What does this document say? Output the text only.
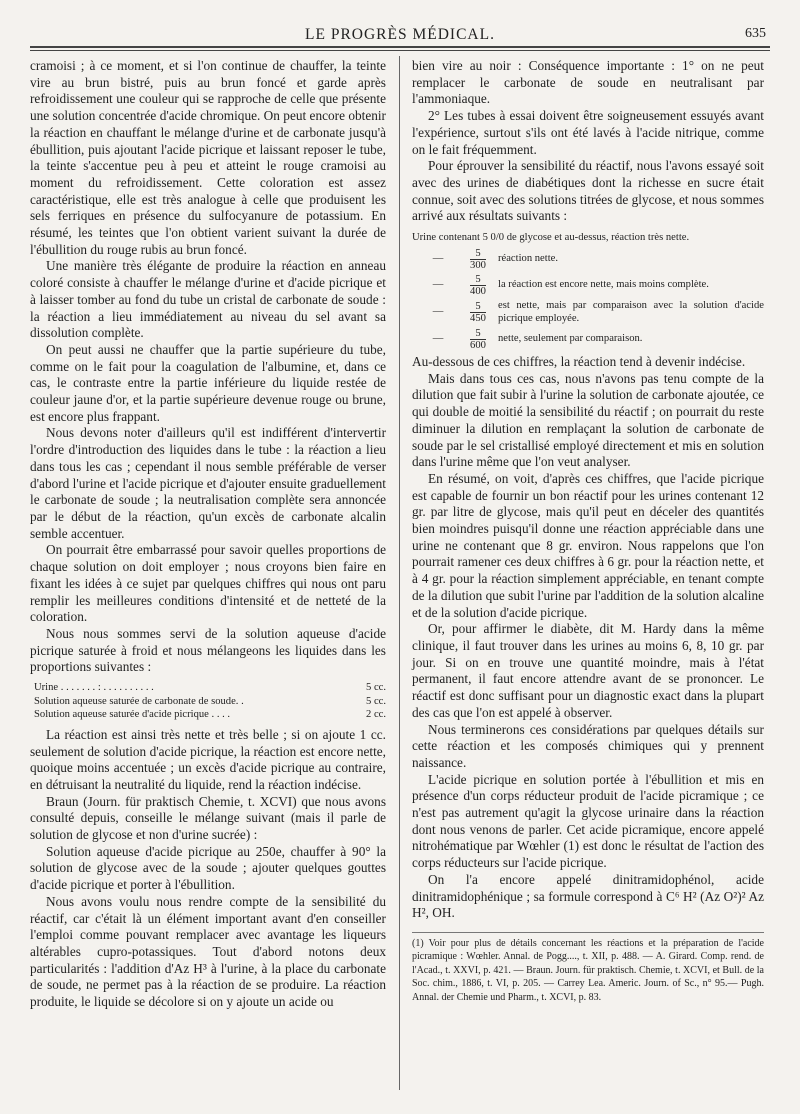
LE PROGRÈS MÉDICAL.	635

cramoisi ; à ce moment, et si l'on continue de chauffer, la teinte vire au brun bistré, puis au brun foncé et garde après refroidissement une couleur qui se rapproche de celle que présente une solution concentrée d'acide chromique. On peut encore obtenir la réaction en chauffant le mélange d'urine et de carbonate jusqu'à ébullition, puis ajoutant l'acide picrique et laissant reposer le tube, la teinte s'accentue peu à peu et atteint le rouge cramoisi au moment du refroidissement. Cette coloration est assez caractéristique, elle est très analogue à celle que produisent les sels ferriques en présence du sulfocyanure de potassium. En résumé, les teintes que l'on obtient varient suivant la durée de l'ébullition du rouge rubis au brun foncé.

Une manière très élégante de produire la réaction en anneau coloré consiste à chauffer le mélange d'urine et d'acide picrique et à laisser tomber au fond du tube un cristal de carbonate de soude : la réaction a lieu immédiatement au niveau du sel avant sa dissolution complète.

On peut aussi ne chauffer que la partie supérieure du tube, comme on le fait pour la coagulation de l'albumine, et, dans ce cas, le contraste entre la partie inférieure du liquide restée de couleur jaune d'or, et la partie supérieure devenue rouge ou brune, est encore plus frappant.

Nous devons noter d'ailleurs qu'il est indifférent d'intervertir l'ordre d'introduction des liquides dans le tube : la réaction a lieu dans tous les cas ; cependant il nous semble préférable de verser d'abord l'urine et l'acide picrique et d'ajouter ensuite graduellement le carbonate de soude ; la neutralisation complète sera annoncée par le début de la réaction, qu'un excès de carbonate alcalin semble accentuer.

On pourrait être embarrassé pour savoir quelles proportions de chaque solution on doit employer ; nous croyons bien faire en fixant les idées à ce sujet par quelques chiffres qui nous ont paru remplir les meilleures conditions d'intensité et de netteté de la coloration.

Nous nous sommes servi de la solution aqueuse d'acide picrique saturée à froid et nous mélangeons les liquides dans les proportions suivantes :

Urine . . . . . . . : . . . . . . . . . .	5 cc.
Solution aqueuse saturée de carbonate de soude. .	5 cc.
Solution aqueuse saturée d'acide picrique . . . .	2 cc.

La réaction est ainsi très nette et très belle ; si on ajoute 1 cc. seulement de solution d'acide picrique, la réaction est encore nette, quoique moins accentuée ; un excès d'acide picrique au contraire, en détruisant la neutralité du liquide, rend la réaction indécise.

Braun (Journ. für praktisch Chemie, t. XCVI) que nous avons consulté depuis, conseille le mélange suivant (mais il parle de solution de glycose et non d'urine sucrée) :

Solution aqueuse d'acide picrique au 250e, chauffer à 90° la solution de glycose avec de la soude ; ajouter quelques gouttes d'acide picrique et porter à l'ébullition.

Nous avons voulu nous rendre compte de la sensibilité du réactif, car c'était là un élément important avant d'en conseiller l'emploi comme pouvant remplacer avec avantage les liqueurs altérables cupro-potassiques. Tout d'abord notons deux particularités : l'addition d'Az H³ à l'urine, à la place du carbonate de soude, ne permet pas à la réaction de se produire. La réaction produite, le liquide se décolore si on y ajoute un acide ou

bien vire au noir : Conséquence importante : 1° on ne peut remplacer le carbonate de soude en neutralisant par l'ammoniaque.

2° Les tubes à essai doivent être soigneusement essuyés avant l'expérience, surtout s'ils ont été lavés à l'acide nitrique, comme on le fait fréquemment.

Pour éprouver la sensibilité du réactif, nous l'avons essayé soit avec des urines de diabétiques dont la richesse en sucre était connue, soit avec des solutions titrées de glycose, et nous sommes arrivé aux résultats suivants :

Urine contenant 5 0/0 de glycose et au-dessus, réaction très nette.
—	$\frac{5}{300}$ réaction nette.
—	$\frac{5}{400}$ la réaction est encore nette, mais moins complète.
—	$\frac{5}{450}$ est nette, mais par comparaison avec la solution d'acide picrique employée.
—	$\frac{5}{600}$ nette, seulement par comparaison.

Au-dessous de ces chiffres, la réaction tend à devenir indécise.

Mais dans tous ces cas, nous n'avons pas tenu compte de la dilution que fait subir à l'urine la solution de carbonate ajoutée, ce qui double de moitié la sensibilité du réactif ; on pourrait du reste diminuer la dilution en remplaçant la solution de carbonate de soude par le sel cristallisé employé directement et mis en solution dans l'urine même que l'on veut analyser.

En résumé, on voit, d'après ces chiffres, que l'acide picrique est capable de fournir un bon réactif pour les urines contenant 12 gr. par litre de glycose, mais qu'il peut en déceler des quantités bien moindres puisqu'il donne une réaction appréciable dans une urine ne contenant que 8 gr. environ. Nous rappelons que l'on pourrait ramener ces deux chiffres à 6 gr. pour la réaction nette, et à 4 gr. pour la réaction simplement appréciable, en tenant compte de la dilution que subit l'urine par l'addition de la solution alcaline et de la solution d'acide picrique.

Or, pour affirmer le diabète, dit M. Hardy dans la même clinique, il faut trouver dans les urines au moins 6, 8, 10 gr. par jour. Si on en trouve une quantité moindre, mais à l'état permanent, il faut encore attendre avant de se prononcer. Le réactif est donc suffisant pour un diagnostic exact dans la plupart des cas que l'on est appelé à observer.

Nous terminerons ces considérations par quelques détails sur cette réaction et les composés chimiques qui y prennent naissance.

L'acide picrique en solution portée à l'ébullition et mis en présence d'un corps réducteur produit de l'acide picramique ; ce n'est pas autrement qu'agit la glycose urinaire dans la réaction dont nous venons de parler. Cet acide picramique, encore appelé nitrohématique par Wœhler (1) est donc le résultat de l'action des corps réducteurs sur l'acide picrique.

On l'a encore appelé dinitramidophénol, acide dinitramidophénique ; sa formule correspond à C⁶ H² (Az O²)² Az H², OH.

(1) Voir pour plus de détails concernant les réactions et la préparation de l'acide picramique : Wœhler. Annal. de Pogg...., t. XII, p. 488. — A. Girard. Comp. rend. de l'Acad., t. XXVI, p. 421. — Braun. Journ. für praktisch. Chemie, t. XCVI, et Bull. de la Soc. chim., 1886, t. VI, p. 205. — Carrey Lea. Americ. Journ. of Sc., n° 95.— Pugh. Annal. der Chemie und Pharm., t. XCVI, p. 83.
